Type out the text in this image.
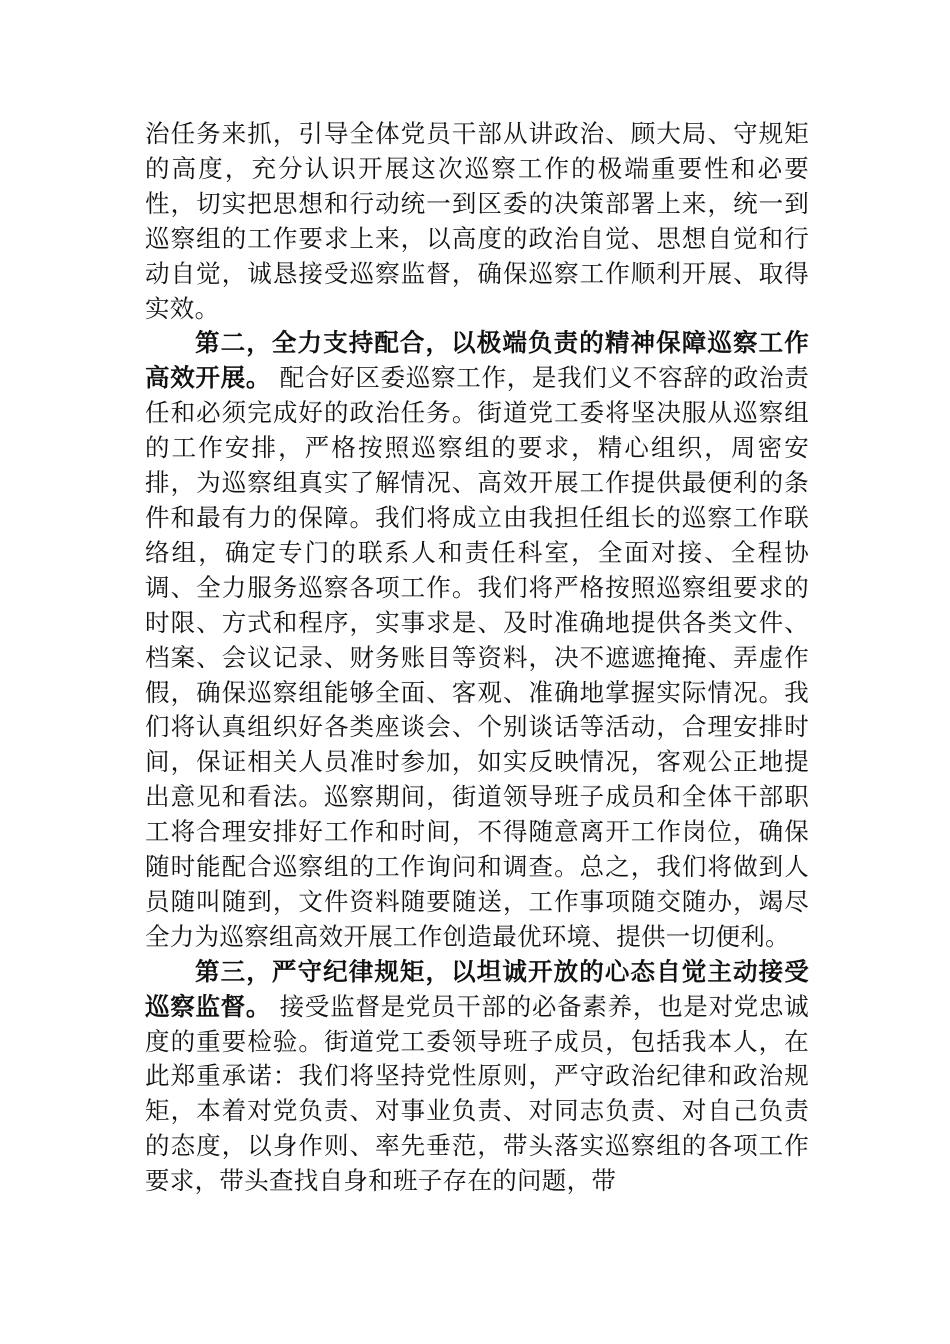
治任务来抓，引导全体党员干部从讲政治、顾大局、守规矩的高度，充分认识开展这次巡察工作的极端重要性和必要性，切实把思想和行动统一到区委的决策部署上来，统一到巡察组的工作要求上来，以高度的政治自觉、思想自觉和行动自觉，诚恳接受巡察监督，确保巡察工作顺利开展、取得实效。

第二，全力支持配合，以极端负责的精神保障巡察工作高效开展。 配合好区委巡察工作，是我们义不容辞的政治责任和必须完成好的政治任务。街道党工委将坚决服从巡察组的工作安排，严格按照巡察组的要求，精心组织，周密安排，为巡察组真实了解情况、高效开展工作提供最便利的条件和最有力的保障。我们将成立由我担任组长的巡察工作联络组，确定专门的联系人和责任科室，全面对接、全程协调、全力服务巡察各项工作。我们将严格按照巡察组要求的时限、方式和程序，实事求是、及时准确地提供各类文件、档案、会议记录、财务账目等资料，决不遮遮掩掩、弄虚作假，确保巡察组能够全面、客观、准确地掌握实际情况。我们将认真组织好各类座谈会、个别谈话等活动，合理安排时间，保证相关人员准时参加，如实反映情况，客观公正地提出意见和看法。巡察期间，街道领导班子成员和全体干部职工将合理安排好工作和时间，不得随意离开工作岗位，确保随时能配合巡察组的工作询问和调查。总之，我们将做到人员随叫随到，文件资料随要随送，工作事项随交随办，竭尽全力为巡察组高效开展工作创造最优环境、提供一切便利。

第三，严守纪律规矩，以坦诚开放的心态自觉主动接受巡察监督。 接受监督是党员干部的必备素养，也是对党忠诚度的重要检验。街道党工委领导班子成员，包括我本人，在此郑重承诺：我们将坚持党性原则，严守政治纪律和政治规矩，本着对党负责、对事业负责、对同志负责、对自己负责的态度，以身作则、率先垂范，带头落实巡察组的各项工作要求，带头查找自身和班子存在的问题，带
